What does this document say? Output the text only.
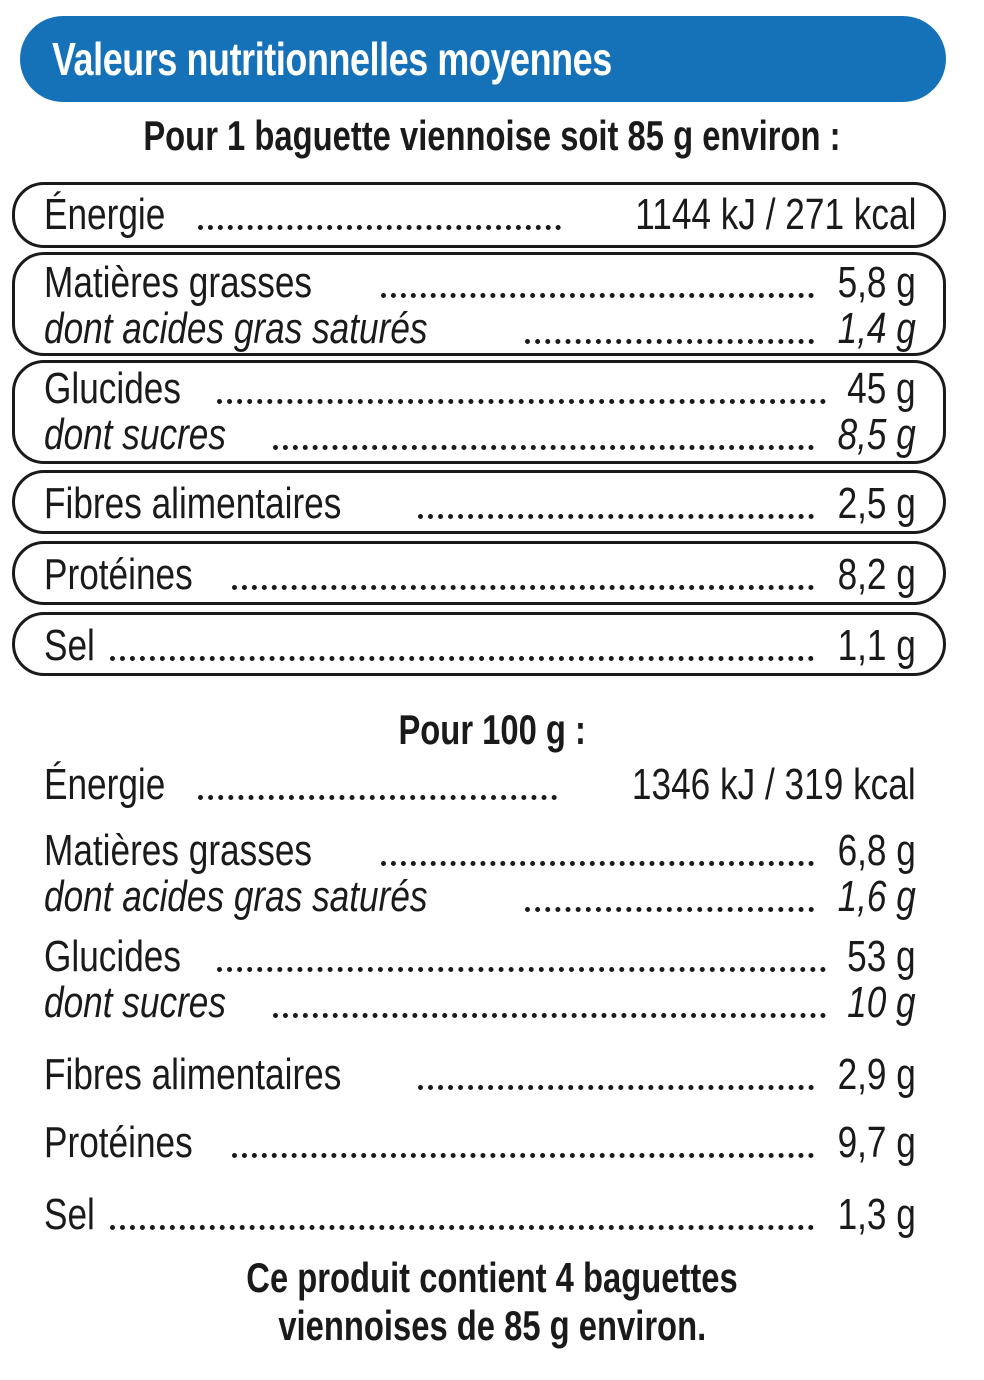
Valeurs nutritionnelles moyennes
Pour 1 baguette viennoise soit 85 g environ :
Énergie	1144 kJ / 271 kcal
Matières grasses	5,8 g
dont acides gras saturés	1,4 g
Glucides	45 g
dont sucres	8,5 g
Fibres alimentaires	2,5 g
Protéines	8,2 g
Sel	1,1 g
Pour 100 g :
Énergie	1346 kJ / 319 kcal
Matières grasses	6,8 g
dont acides gras saturés	1,6 g
Glucides	53 g
dont sucres	10 g
Fibres alimentaires	2,9 g
Protéines	9,7 g
Sel	1,3 g
Ce produit contient 4 baguettes
viennoises de 85 g environ.
